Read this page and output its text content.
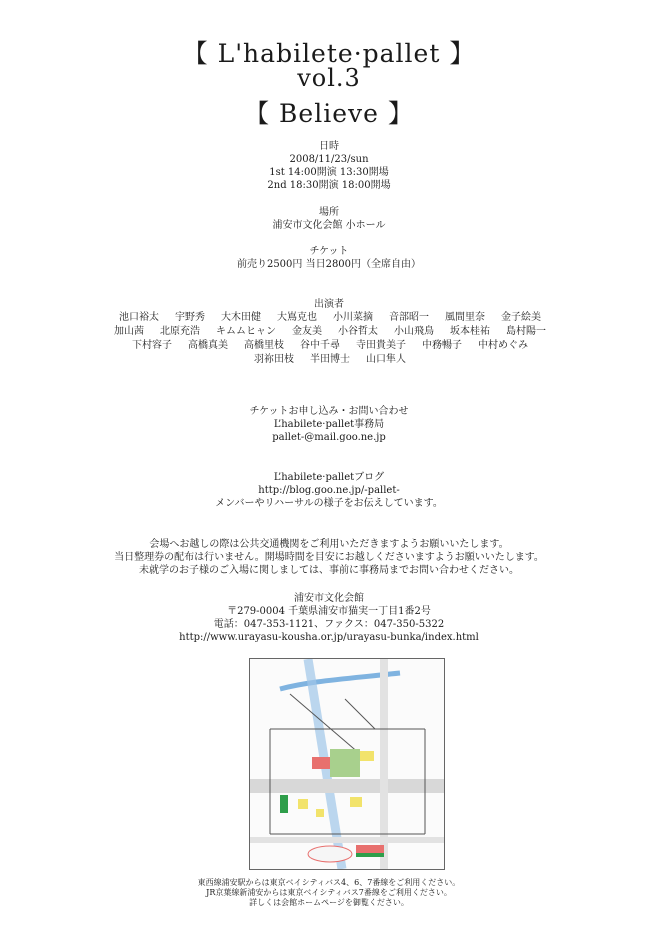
【 L'habilete·pallet 】
vol.3
【 Believe 】
日時
2008/11/23/sun
1st 14:00開演 13:30開場
2nd 18:30開演 18:00開場
場所
浦安市文化会館 小ホール
チケット
前売り2500円 当日2800円（全席自由）
出演者
池口裕太 宇野秀 大木田健 大嶌克也 小川菜摘 音部昭一 風間里奈 金子絵美
加山茜 北原充浩 キムムヒャン 金友美 小谷哲太 小山飛鳥 坂本桂祐 島村陽一
下村容子 高橋真美 高橋里枝 谷中千尋 寺田貴美子 中務暢子 中村めぐみ
羽祢田枝 半田博士 山口隼人
チケットお申し込み・お問い合わせ
L’habilete·pallet事務局
pallet-@mail.goo.ne.jp
L’habilete·palletブログ
http://blog.goo.ne.jp/-pallet-
メンバーやリハーサルの様子をお伝えしています。
会場へお越しの際は公共交通機関をご利用いただきますようお願いいたします。
当日整理券の配布は行いません。開場時間を目安にお越しくださいますようお願いいたします。
未就学のお子様のご入場に関しましては、事前に事務局までお問い合わせください。
浦安市文化会館
〒279-0004 千葉県浦安市猫実一丁目1番2号
電話：047-353-1121、ファクス：047-350-5322
http://www.urayasu-kousha.or.jp/urayasu-bunka/index.html
東西線浦安駅からは東京ベイシティバス4、6、7番線をご利用ください。
JR京葉線新浦安からは東京ベイシティバス7番線をご利用ください。
詳しくは会館ホームページを御覧ください。
